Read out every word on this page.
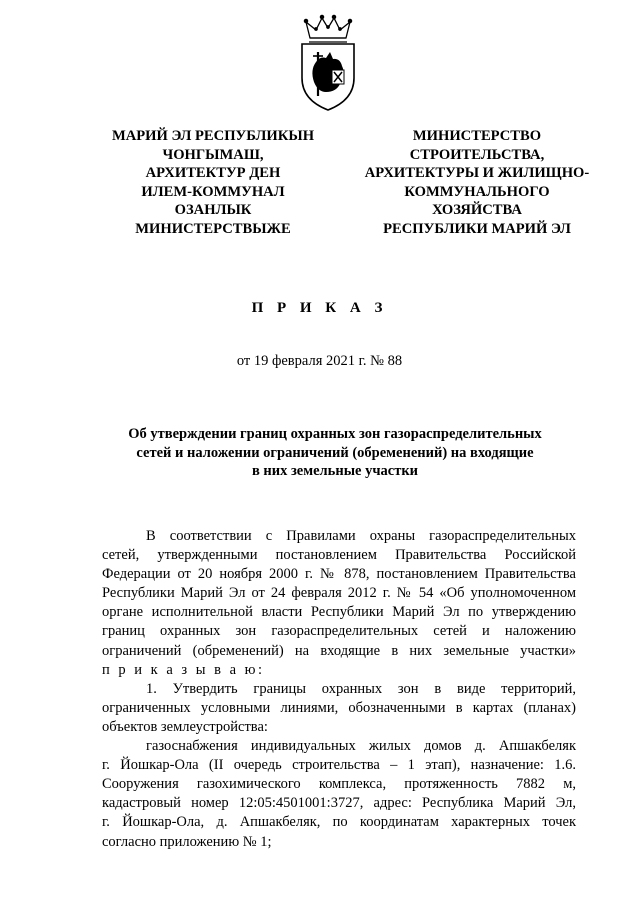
МАРИЙ ЭЛ РЕСПУБЛИКЫН
ЧОНГЫМАШ,
АРХИТЕКТУР ДЕН
ИЛЕМ-КОММУНАЛ
ОЗАНЛЫК
МИНИСТЕРСТВЫЖЕ
МИНИСТЕРСТВО
СТРОИТЕЛЬСТВА,
АРХИТЕКТУРЫ И ЖИЛИЩНО-
КОММУНАЛЬНОГО
ХОЗЯЙСТВА
РЕСПУБЛИКИ МАРИЙ ЭЛ
П Р И К А З
от 19 февраля 2021 г. № 88
Об утверждении границ охранных зон газораспределительных
сетей и наложении ограничений (обременений) на входящие
в них земельные участки
В соответствии с Правилами охраны газораспределительных
сетей, утвержденными постановлением Правительства Российской
Федерации от 20 ноября 2000 г. № 878, постановлением Правительства
Республики Марий Эл от 24 февраля 2012 г. № 54 «Об уполномоченном
органе исполнительной власти Республики Марий Эл по утверждению
границ охранных зон газораспределительных сетей и наложению
ограничений (обременений) на входящие в них земельные участки»
п р и к а з ы в а ю:
1. Утвердить границы охранных зон в виде территорий,
ограниченных условными линиями, обозначенными в картах (планах)
объектов землеустройства:
газоснабжения индивидуальных жилых домов д. Апшакбеляк
г. Йошкар-Ола (II очередь строительства – 1 этап), назначение: 1.6.
Сооружения газохимического комплекса, протяженность 7882 м,
кадастровый номер 12:05:4501001:3727, адрес: Республика Марий Эл,
г. Йошкар-Ола, д. Апшакбеляк, по координатам характерных точек
согласно приложению № 1;
